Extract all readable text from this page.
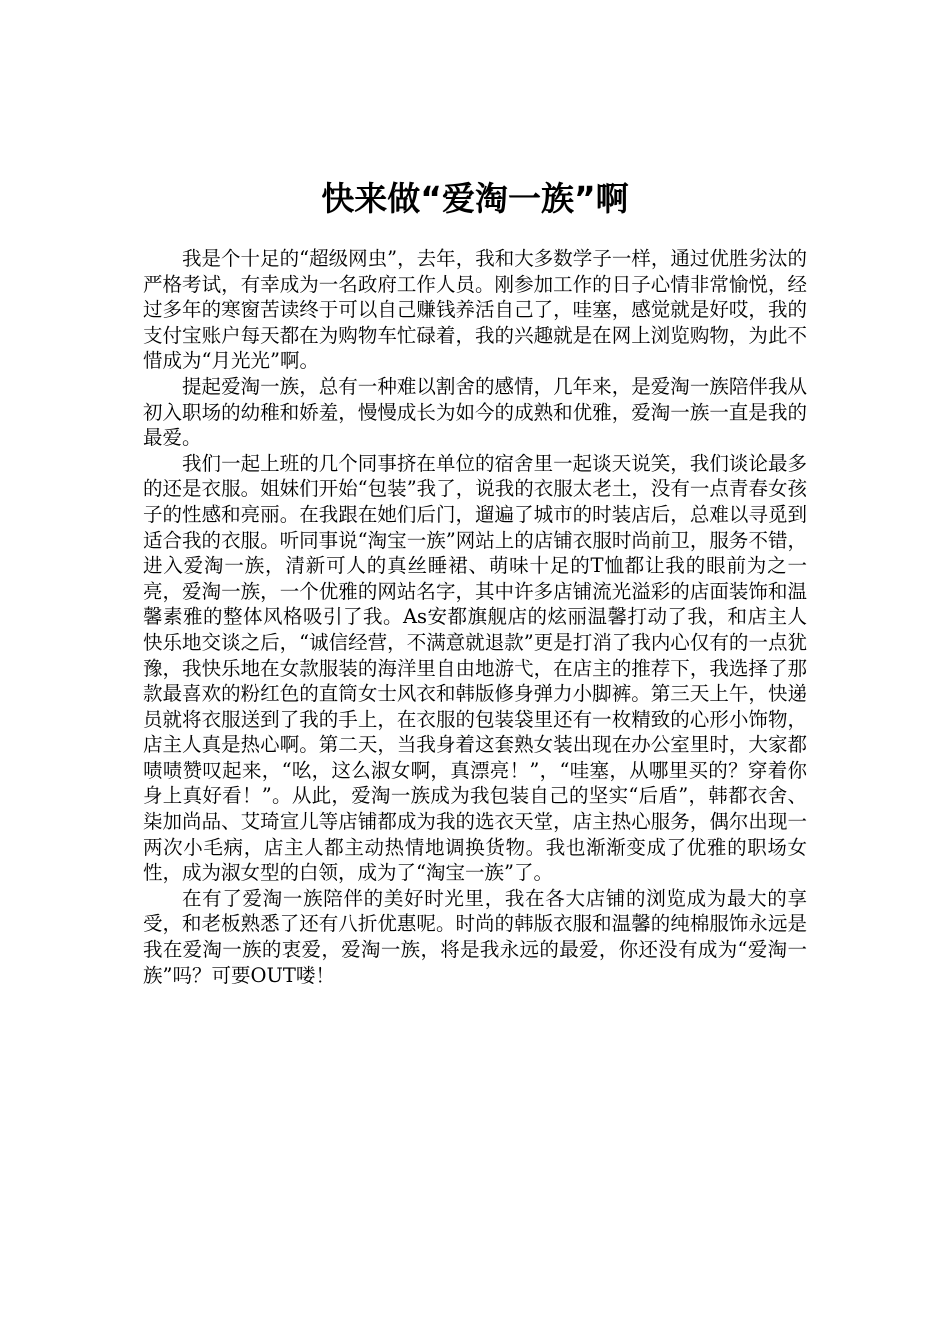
快来做“爱淘一族”啊

我是个十足的“超级网虫”，去年，我和大多数学子一样，通过优胜劣汰的严格考试，有幸成为一名政府工作人员。刚参加工作的日子心情非常愉悦，经过多年的寒窗苦读终于可以自己赚钱养活自己了，哇塞，感觉就是好哎，我的支付宝账户每天都在为购物车忙碌着，我的兴趣就是在网上浏览购物，为此不惜成为“月光光”啊。

提起爱淘一族，总有一种难以割舍的感情，几年来，是爱淘一族陪伴我从初入职场的幼稚和娇羞，慢慢成长为如今的成熟和优雅，爱淘一族一直是我的最爱。

我们一起上班的几个同事挤在单位的宿舍里一起谈天说笑，我们谈论最多的还是衣服。姐妹们开始“包装”我了，说我的衣服太老土，没有一点青春女孩子的性感和亮丽。在我跟在她们后门，遛遍了城市的时装店后，总难以寻觅到适合我的衣服。听同事说“淘宝一族”网站上的店铺衣服时尚前卫，服务不错，进入爱淘一族，清新可人的真丝睡裙、萌味十足的T恤都让我的眼前为之一亮，爱淘一族，一个优雅的网站名字，其中许多店铺流光溢彩的店面装饰和温馨素雅的整体风格吸引了我。As安都旗舰店的炫丽温馨打动了我，和店主人快乐地交谈之后，“诚信经营，不满意就退款”更是打消了我内心仅有的一点犹豫，我快乐地在女款服装的海洋里自由地游弋，在店主的推荐下，我选择了那款最喜欢的粉红色的直筒女士风衣和韩版修身弹力小脚裤。第三天上午，快递员就将衣服送到了我的手上，在衣服的包装袋里还有一枚精致的心形小饰物，店主人真是热心啊。第二天，当我身着这套熟女装出现在办公室里时，大家都啧啧赞叹起来，“吆，这么淑女啊，真漂亮！”，“哇塞，从哪里买的？穿着你身上真好看！”。从此，爱淘一族成为我包装自己的坚实“后盾”，韩都衣舍、柒加尚品、艾琦宣儿等店铺都成为我的选衣天堂，店主热心服务，偶尔出现一两次小毛病，店主人都主动热情地调换货物。我也渐渐变成了优雅的职场女性，成为淑女型的白领，成为了“淘宝一族”了。

在有了爱淘一族陪伴的美好时光里，我在各大店铺的浏览成为最大的享受，和老板熟悉了还有八折优惠呢。时尚的韩版衣服和温馨的纯棉服饰永远是我在爱淘一族的衷爱，爱淘一族，将是我永远的最爱，你还没有成为“爱淘一族”吗？可要OUT喽！
